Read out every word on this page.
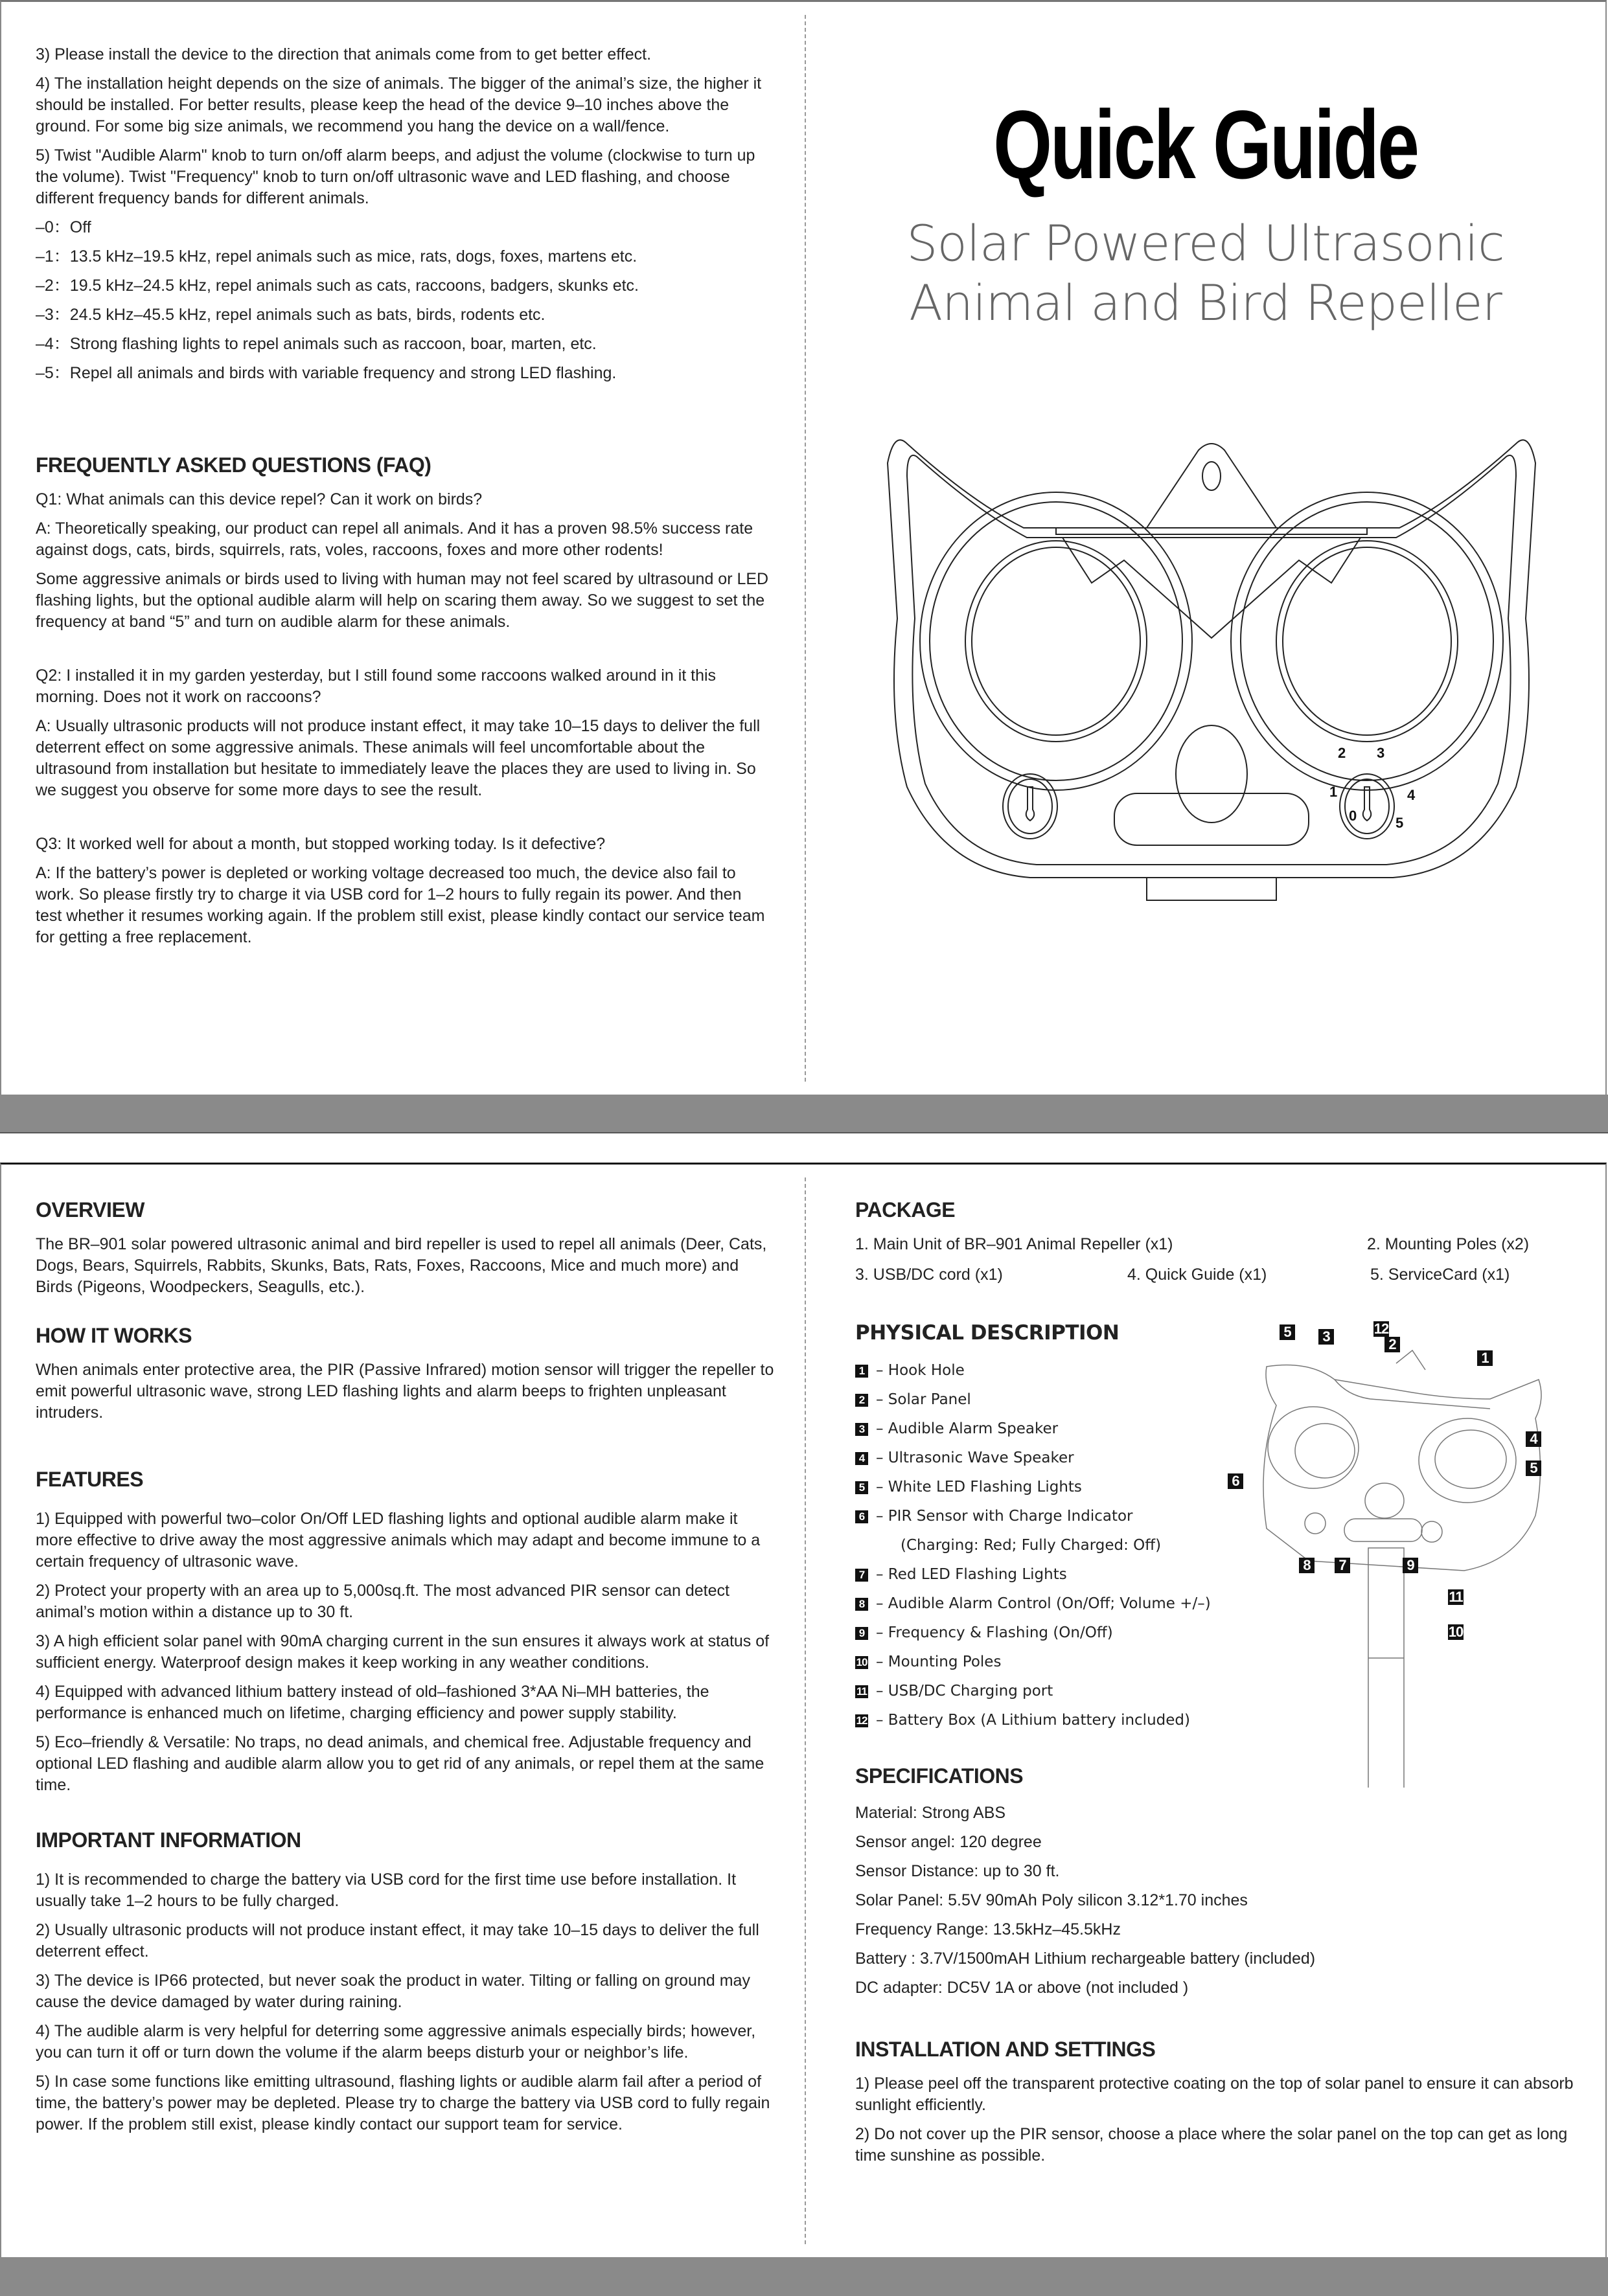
3) Please install the device to the direction that animals come from to get better effect.

4) The installation height depends on the size of animals. The bigger of the animal’s size, the higher it should be installed. For better results, please keep the head of the device 9–10 inches above the ground. For some big size animals, we recommend you hang the device on a wall/fence.

5) Twist "Audible Alarm" knob to turn on/off alarm beeps, and adjust the volume (clockwise to turn up the volume). Twist "Frequency" knob to turn on/off ultrasonic wave and LED flashing, and choose different frequency bands for different animals.

–0：Off

–1：13.5 kHz–19.5 kHz, repel animals such as mice, rats, dogs, foxes, martens etc.

–2：19.5 kHz–24.5 kHz, repel animals such as cats, raccoons, badgers, skunks etc.

–3：24.5 kHz–45.5 kHz, repel animals such as bats, birds, rodents etc.

–4：Strong flashing lights to repel animals such as raccoon, boar, marten, etc.

–5：Repel all animals and birds with variable frequency and strong LED flashing.

FREQUENTLY ASKED QUESTIONS (FAQ)

Q1: What animals can this device repel? Can it work on birds?

A: Theoretically speaking, our product can repel all animals. And it has a proven 98.5% success rate against dogs, cats, birds, squirrels, rats, voles, raccoons, foxes and more other rodents!

Some aggressive animals or birds used to living with human may not feel scared by ultrasound or LED flashing lights, but the optional audible alarm will help on scaring them away. So we suggest to set the frequency at band “5” and turn on audible alarm for these animals.

Q2: I installed it in my garden yesterday, but I still found some raccoons walked around in it this morning. Does not it work on raccoons?

A: Usually ultrasonic products will not produce instant effect, it may take 10–15 days to deliver the full deterrent effect on some aggressive animals. These animals will feel uncomfortable about the ultrasound from installation but hesitate to immediately leave the places they are used to living in. So we suggest you observe for some more days to see the result.

Q3: It worked well for about a month, but stopped working today. Is it defective?

A: If the battery’s power is depleted or working voltage decreased too much, the device also fail to work. So please firstly try to charge it via USB cord for 1–2 hours to fully regain its power. And then test whether it resumes working again. If the problem still exist, please kindly contact our service team for getting a free replacement.

Quick Guide
Solar Powered Ultrasonic
Animal and Bird Repeller
0
1
2 3
4
5
OVERVIEW

The BR–901 solar powered ultrasonic animal and bird repeller is used to repel all animals (Deer, Cats, Dogs, Bears, Squirrels, Rabbits, Skunks, Bats, Rats, Foxes, Raccoons, Mice and much more) and Birds (Pigeons, Woodpeckers, Seagulls, etc.).

HOW IT WORKS

When animals enter protective area, the PIR (Passive Infrared) motion sensor will trigger the repeller to emit powerful ultrasonic wave, strong LED flashing lights and alarm beeps to frighten unpleasant intruders.

FEATURES

1) Equipped with powerful two–color On/Off LED flashing lights and optional audible alarm make it more effective to drive away the most aggressive animals which may adapt and become immune to a certain frequency of ultrasonic wave.

2) Protect your property with an area up to 5,000sq.ft. The most advanced PIR sensor can detect animal’s motion within a distance up to 30 ft.

3) A high efficient solar panel with 90mA charging current in the sun ensures it always work at status of sufficient energy. Waterproof design makes it keep working in any weather conditions.

4) Equipped with advanced lithium battery instead of old–fashioned 3*AA Ni–MH batteries, the performance is enhanced much on lifetime, charging efficiency and power supply stability.

5) Eco–friendly & Versatile: No traps, no dead animals, and chemical free. Adjustable frequency and optional LED flashing and audible alarm allow you to get rid of any animals, or repel them at the same time.

IMPORTANT INFORMATION

1) It is recommended to charge the battery via USB cord for the first time use before installation. It usually take 1–2 hours to be fully charged.

2) Usually ultrasonic products will not produce instant effect, it may take 10–15 days to deliver the full deterrent effect.

3) The device is IP66 protected, but never soak the product in water. Tilting or falling on ground may cause the device damaged by water during raining.

4) The audible alarm is very helpful for deterring some aggressive animals especially birds; however, you can turn it off or turn down the volume if the alarm beeps disturb your or neighbor’s life.

5) In case some functions like emitting ultrasound, flashing lights or audible alarm fail after a period of time, the battery’s power may be depleted. Please try to charge the battery via USB cord to fully regain power. If the problem still exist, please kindly contact our support team for service.

PACKAGE
1. Main Unit of BR–901 Animal Repeller (x1)	2. Mounting Poles (x2)
3. USB/DC cord (x1)	4. Quick Guide (x1)	5. ServiceCard (x1)
PHYSICAL DESCRIPTION
1 – Hook Hole
2 – Solar Panel
3 – Audible Alarm Speaker
4 – Ultrasonic Wave Speaker
5 – White LED Flashing Lights
6 – PIR Sensor with Charge Indicator
(Charging: Red; Fully Charged: Off)
7 – Red LED Flashing Lights
8 – Audible Alarm Control (On/Off; Volume +/–)
9 – Frequency & Flashing (On/Off)
10 – Mounting Poles
11 – USB/DC Charging port
12 – Battery Box (A Lithium battery included)
SPECIFICATIONS
Material: Strong ABS
Sensor angel: 120 degree
Sensor Distance: up to 30 ft.
Solar Panel: 5.5V 90mAh Poly silicon 3.12*1.70 inches
Frequency Range: 13.5kHz–45.5kHz
Battery : 3.7V/1500mAH Lithium rechargeable battery (included)
DC adapter: DC5V 1A or above (not included )
INSTALLATION AND SETTINGS

1) Please peel off the transparent protective coating on the top of solar panel to ensure it can absorb sunlight efficiently.

2) Do not cover up the PIR sensor, choose a place where the solar panel on the top can get as long time sunshine as possible.

5 3	12
2
1
4
5
6
8 7	9
11
10
